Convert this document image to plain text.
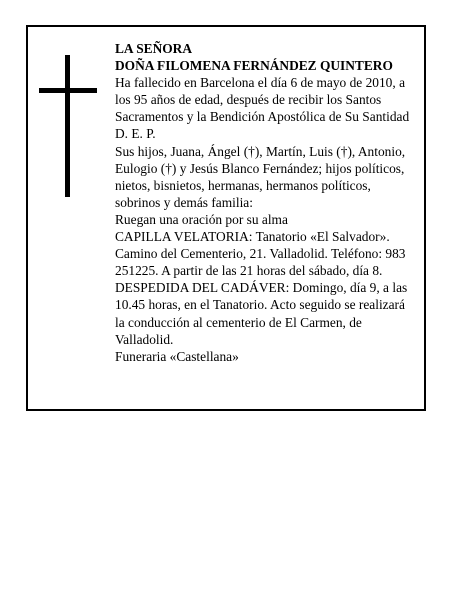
LA SEÑORA

DOÑA FILOMENA FERNÁNDEZ QUINTERO

Ha fallecido en Barcelona el día 6 de mayo de 2010, a los 95 años de edad, después de recibir los Santos Sacramentos y la Bendición Apostólica de Su Santidad D. E. P.

Sus hijos, Juana, Ángel (†), Martín, Luis (†), Antonio, Eulogio (†) y Jesús Blanco Fernández; hijos políticos, nietos, bisnietos, hermanas, hermanos políticos, sobrinos y demás familia:

Ruegan una oración por su alma

CAPILLA VELATORIA: Tanatorio «El Salvador». Camino del Cementerio, 21. Valladolid. Teléfono: 983 251225. A partir de las 21 horas del sábado, día 8.

DESPEDIDA DEL CADÁVER: Domingo, día 9, a las 10.45 horas, en el Tanatorio. Acto seguido se realizará la conducción al cementerio de El Carmen, de Valladolid.

Funeraria «Castellana»
